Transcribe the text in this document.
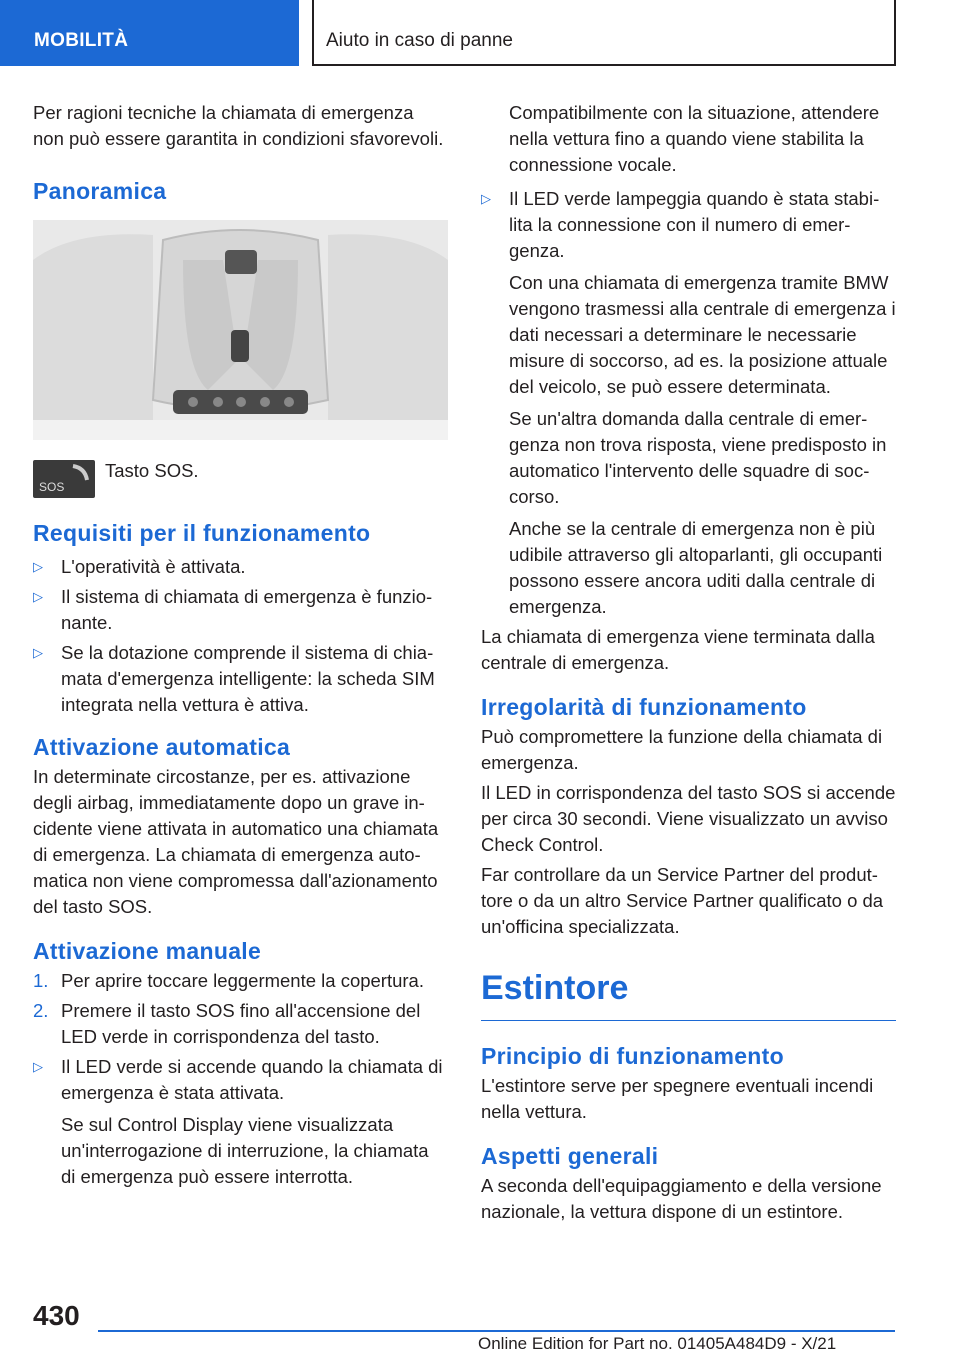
MOBILITÀ	Aiuto in caso di panne

Per ragioni tecniche la chiamata di emergenza non può essere garantita in condizioni sfavorevoli.

Panoramica
SOS
Tasto SOS.
Requisiti per il funzionamento
▷ L'operatività è attivata.
▷ Il sistema di chiamata di emergenza è funzionante.
▷ Se la dotazione comprende il sistema di chiamata d'emergenza intelligente: la scheda SIM integrata nella vettura è attiva.
Attivazione automatica

In determinate circostanze, per es. attivazione degli airbag, immediatamente dopo un grave incidente viene attivata in automatico una chiamata di emergenza. La chiamata di emergenza automatica non viene compromessa dall'azionamento del tasto SOS.

Attivazione manuale
1. Per aprire toccare leggermente la copertura.
2. Premere il tasto SOS fino all'accensione del LED verde in corrispondenza del tasto.
▷ Il LED verde si accende quando la chiamata di emergenza è stata attivata.

Se sul Control Display viene visualizzata un'interrogazione di interruzione, la chiamata di emergenza può essere interrotta.

Compatibilmente con la situazione, attendere nella vettura fino a quando viene stabilita la connessione vocale.

▷ Il LED verde lampeggia quando è stata stabilita la connessione con il numero di emergenza.

Con una chiamata di emergenza tramite BMW vengono trasmessi alla centrale di emergenza i dati necessari a determinare le necessarie misure di soccorso, ad es. la posizione attuale del veicolo, se può essere determinata.

Se un'altra domanda dalla centrale di emergenza non trova risposta, viene predisposto in automatico l'intervento delle squadre di soccorso.

Anche se la centrale di emergenza non è più udibile attraverso gli altoparlanti, gli occupanti possono essere ancora uditi dalla centrale di emergenza.

La chiamata di emergenza viene terminata dalla centrale di emergenza.

Irregolarità di funzionamento

Può compromettere la funzione della chiamata di emergenza.

Il LED in corrispondenza del tasto SOS si accende per circa 30 secondi. Viene visualizzato un avviso Check Control.

Far controllare da un Service Partner del produttore o da un altro Service Partner qualificato o da un'officina specializzata.

Estintore
Principio di funzionamento

L'estintore serve per spegnere eventuali incendi nella vettura.

Aspetti generali

A seconda dell'equipaggiamento e della versione nazionale, la vettura dispone di un estintore.

430
Online Edition for Part no. 01405A484D9 - X/21
